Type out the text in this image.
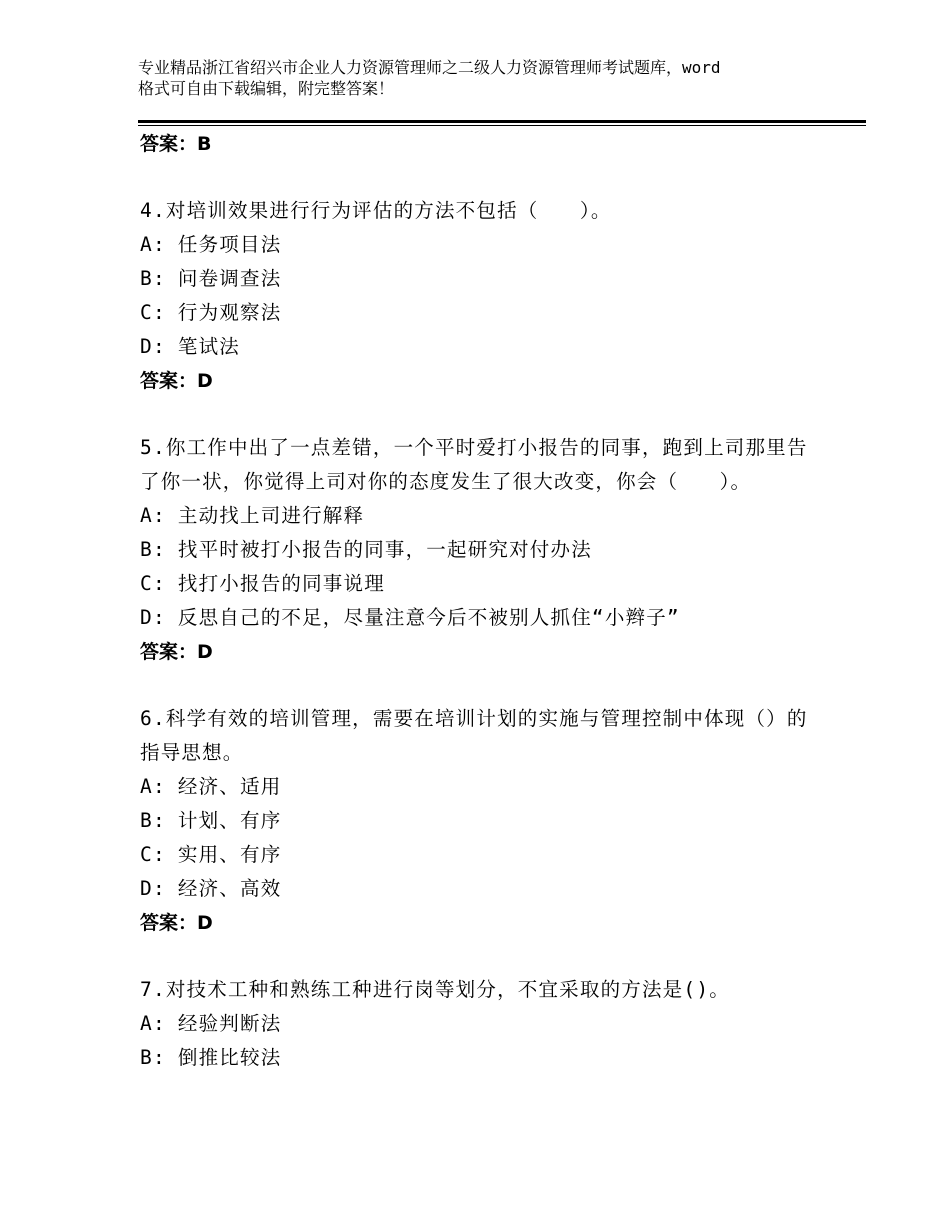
专业精品浙江省绍兴市企业人力资源管理师之二级人力资源管理师考试题库，word
格式可自由下载编辑，附完整答案！
答案：B
4.对培训效果进行行为评估的方法不包括（　　）。
A: 任务项目法
B: 问卷调查法
C: 行为观察法
D: 笔试法
答案：D
5.你工作中出了一点差错，一个平时爱打小报告的同事，跑到上司那里告了你一状，你觉得上司对你的态度发生了很大改变，你会（　　）。
A: 主动找上司进行解释
B: 找平时被打小报告的同事，一起研究对付办法
C: 找打小报告的同事说理
D: 反思自己的不足，尽量注意今后不被别人抓住“小辫子”
答案：D
6.科学有效的培训管理，需要在培训计划的实施与管理控制中体现（）的指导思想。
A: 经济、适用
B: 计划、有序
C: 实用、有序
D: 经济、高效
答案：D
7.对技术工种和熟练工种进行岗等划分，不宜采取的方法是()。
A: 经验判断法
B: 倒推比较法
